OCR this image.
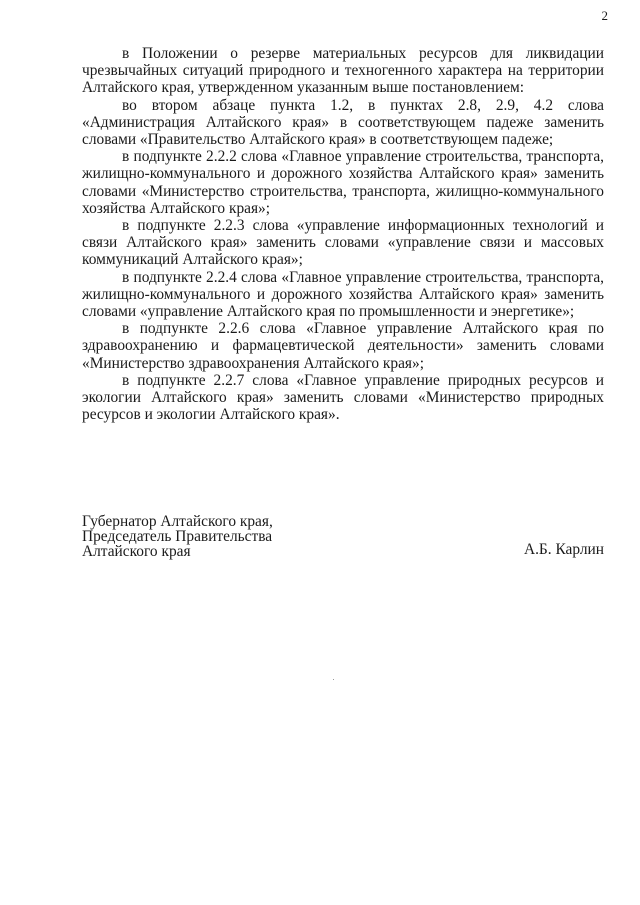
2

в Положении о резерве материальных ресурсов для ликвидации чрезвычайных ситуаций природного и техногенного характера на территории Алтайского края, утвержденном указанным выше постановлением:

во втором абзаце пункта 1.2, в пунктах 2.8, 2.9, 4.2 слова «Администрация Алтайского края» в соответствующем падеже заменить словами «Правительство Алтайского края» в соответствующем падеже;

в подпункте 2.2.2 слова «Главное управление строительства, транспорта, жилищно-коммунального и дорожного хозяйства Алтайского края» заменить словами «Министерство строительства, транспорта, жилищно-коммунального хозяйства Алтайского края»;

в подпункте 2.2.3 слова «управление информационных технологий и связи Алтайского края» заменить словами «управление связи и массовых коммуникаций Алтайского края»;

в подпункте 2.2.4 слова «Главное управление строительства, транспорта, жилищно-коммунального и дорожного хозяйства Алтайского края» заменить словами «управление Алтайского края по промышленности и энергетике»;

в подпункте 2.2.6 слова «Главное управление Алтайского края по здравоохранению и фармацевтической деятельности» заменить словами «Министерство здравоохранения Алтайского края»;

в подпункте 2.2.7 слова «Главное управление природных ресурсов и экологии Алтайского края» заменить словами «Министерство природных ресурсов и экологии Алтайского края».

Губернатор Алтайского края,
Председатель Правительства
Алтайского края	А.Б. Карлин
